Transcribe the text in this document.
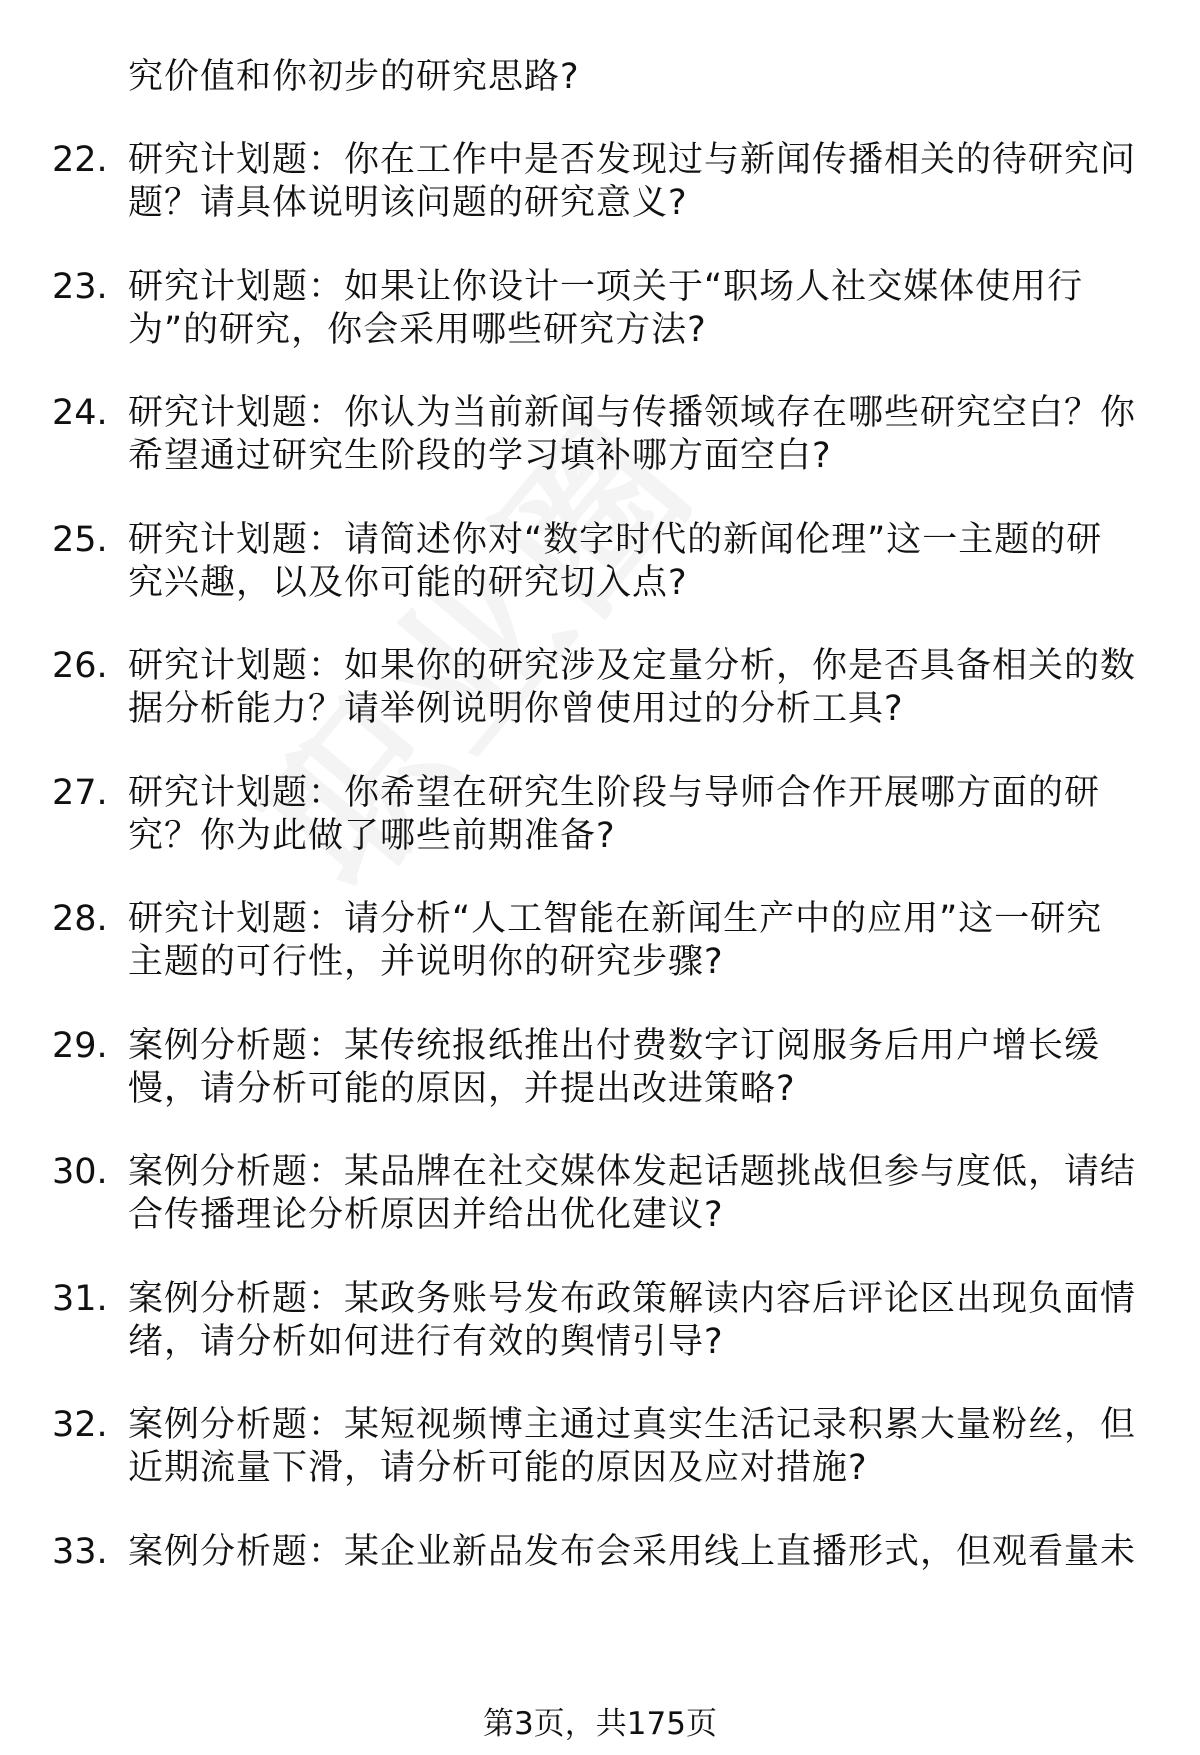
究价值和你初步的研究思路?
22. 研究计划题：你在工作中是否发现过与新闻传播相关的待研究问
题？请具体说明该问题的研究意义?
23. 研究计划题：如果让你设计一项关于“职场人社交媒体使用行
为”的研究，你会采用哪些研究方法?
24. 研究计划题：你认为当前新闻与传播领域存在哪些研究空白？你
希望通过研究生阶段的学习填补哪方面空白?
25. 研究计划题：请简述你对“数字时代的新闻伦理”这一主题的研
究兴趣，以及你可能的研究切入点?
26. 研究计划题：如果你的研究涉及定量分析，你是否具备相关的数
据分析能力？请举例说明你曾使用过的分析工具?
27. 研究计划题：你希望在研究生阶段与导师合作开展哪方面的研
究？你为此做了哪些前期准备?
28. 研究计划题：请分析“人工智能在新闻生产中的应用”这一研究
主题的可行性，并说明你的研究步骤?
29. 案例分析题：某传统报纸推出付费数字订阅服务后用户增长缓
慢，请分析可能的原因，并提出改进策略?
30. 案例分析题：某品牌在社交媒体发起话题挑战但参与度低，请结
合传播理论分析原因并给出优化建议?
31. 案例分析题：某政务账号发布政策解读内容后评论区出现负面情
绪，请分析如何进行有效的舆情引导?
32. 案例分析题：某短视频博主通过真实生活记录积累大量粉丝，但
近期流量下滑，请分析可能的原因及应对措施?
33. 案例分析题：某企业新品发布会采用线上直播形式，但观看量未
第3页，共175页
